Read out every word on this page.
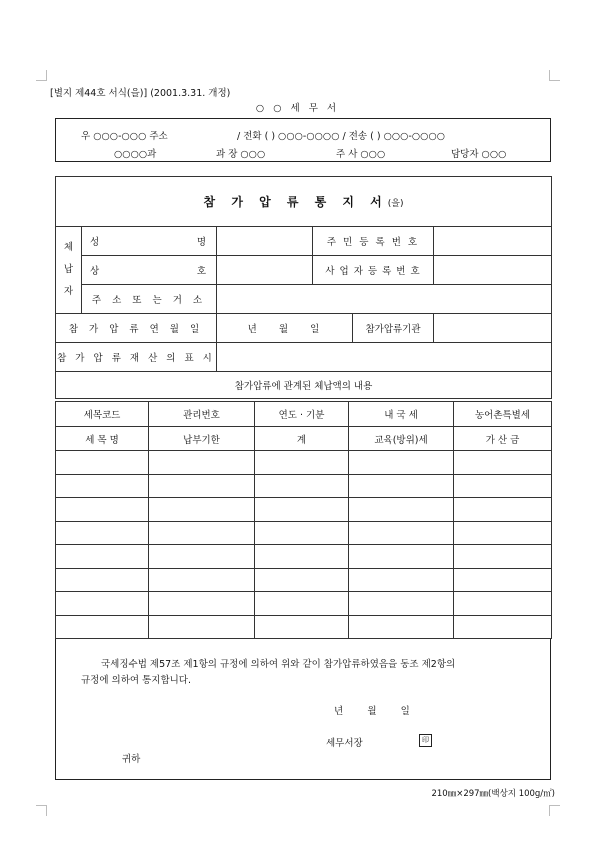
[별지 제44호 서식(을)] (2001.3.31. 개정)
○ ○ 세 무 서
우 ○○○-○○○ 주소	/ 전화 ( ) ○○○-○○○○ / 전송 ( ) ○○○-○○○○
○○○○과	과 장 ○○○	주 사 ○○○	담당자 ○○○
참 가 압 류 통 지 서(을)					

체납자	성 명		주 민 등 록 번 호		

	상 호		사 업 자 등 록 번 호		
	주 소 또 는 거 소				
참 가 압 류 연 월 일		년    월    일		참가압류기관	
참 가 압 류 재 산 의 표 시					
참가압류에 관계된 체납액의 내용					
세목코드	관리번호	연도 · 기분	내 국 세	농어촌특별세
세 목 명	납부기한	계	교육(방위)세	가 산 금

국세징수법 제57조 제1항의 규정에 의하여 위와 같이 참가압류하였음을 동조 제2항의
규정에 의하여 통지합니다.
년        월        일
세무서장	印
귀하
210㎜×297㎜(백상지 100g/㎡)
